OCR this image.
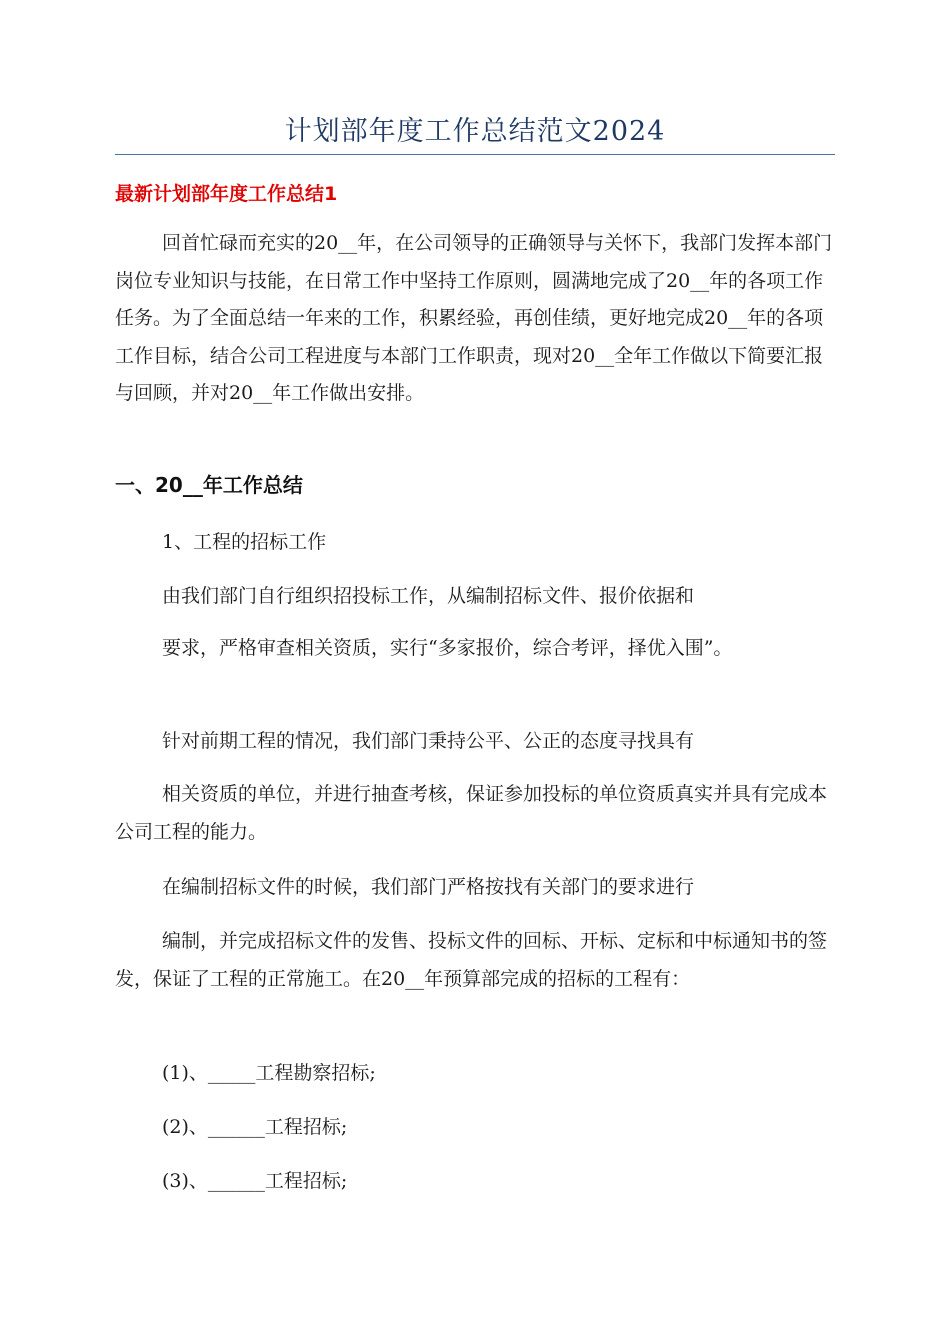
计划部年度工作总结范文2024
最新计划部年度工作总结1

回首忙碌而充实的20__年，在公司领导的正确领导与关怀下，我部门发挥本部门岗位专业知识与技能，在日常工作中坚持工作原则，圆满地完成了20__年的各项工作任务。为了全面总结一年来的工作，积累经验，再创佳绩，更好地完成20__年的各项工作目标，结合公司工程进度与本部门工作职责，现对20__全年工作做以下简要汇报与回顾，并对20__年工作做出安排。

一、20__年工作总结
1、工程的招标工作
由我们部门自行组织招投标工作，从编制招标文件、报价依据和

要求，严格审查相关资质，实行“多家报价，综合考评，择优入围”。

针对前期工程的情况，我们部门秉持公平、公正的态度寻找具有

相关资质的单位，并进行抽查考核，保证参加投标的单位资质真实并具有完成本公司工程的能力。

在编制招标文件的时候，我们部门严格按找有关部门的要求进行

编制，并完成招标文件的发售、投标文件的回标、开标、定标和中标通知书的签发，保证了工程的正常施工。在20__年预算部完成的招标的工程有：

(1)、_____工程勘察招标;
(2)、______工程招标;
(3)、______工程招标;
